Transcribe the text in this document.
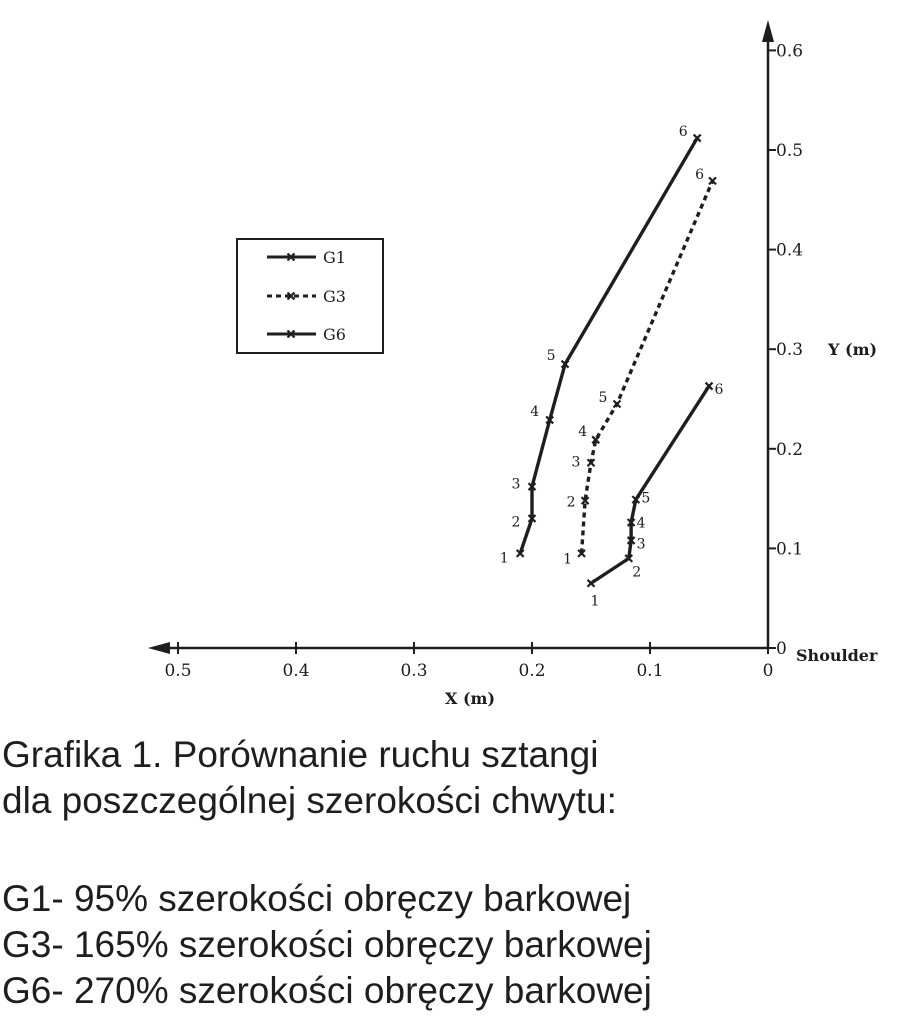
0.5	0.4	0.3	0.2	0.1	0
0
0.1
0.2
0.3
0.4
0.5
0.6
Shoulder
Y (m)
X (m)
1
2
3
4
5
6
1
2
3
4
5
6
1
2
3
4
5
6
G1
G3
G6
Grafika 1. Porównanie ruchu sztangi
dla poszczególnej szerokości chwytu:
G1- 95% szerokości obręczy barkowej
G3- 165% szerokości obręczy barkowej
G6- 270% szerokości obręczy barkowej
